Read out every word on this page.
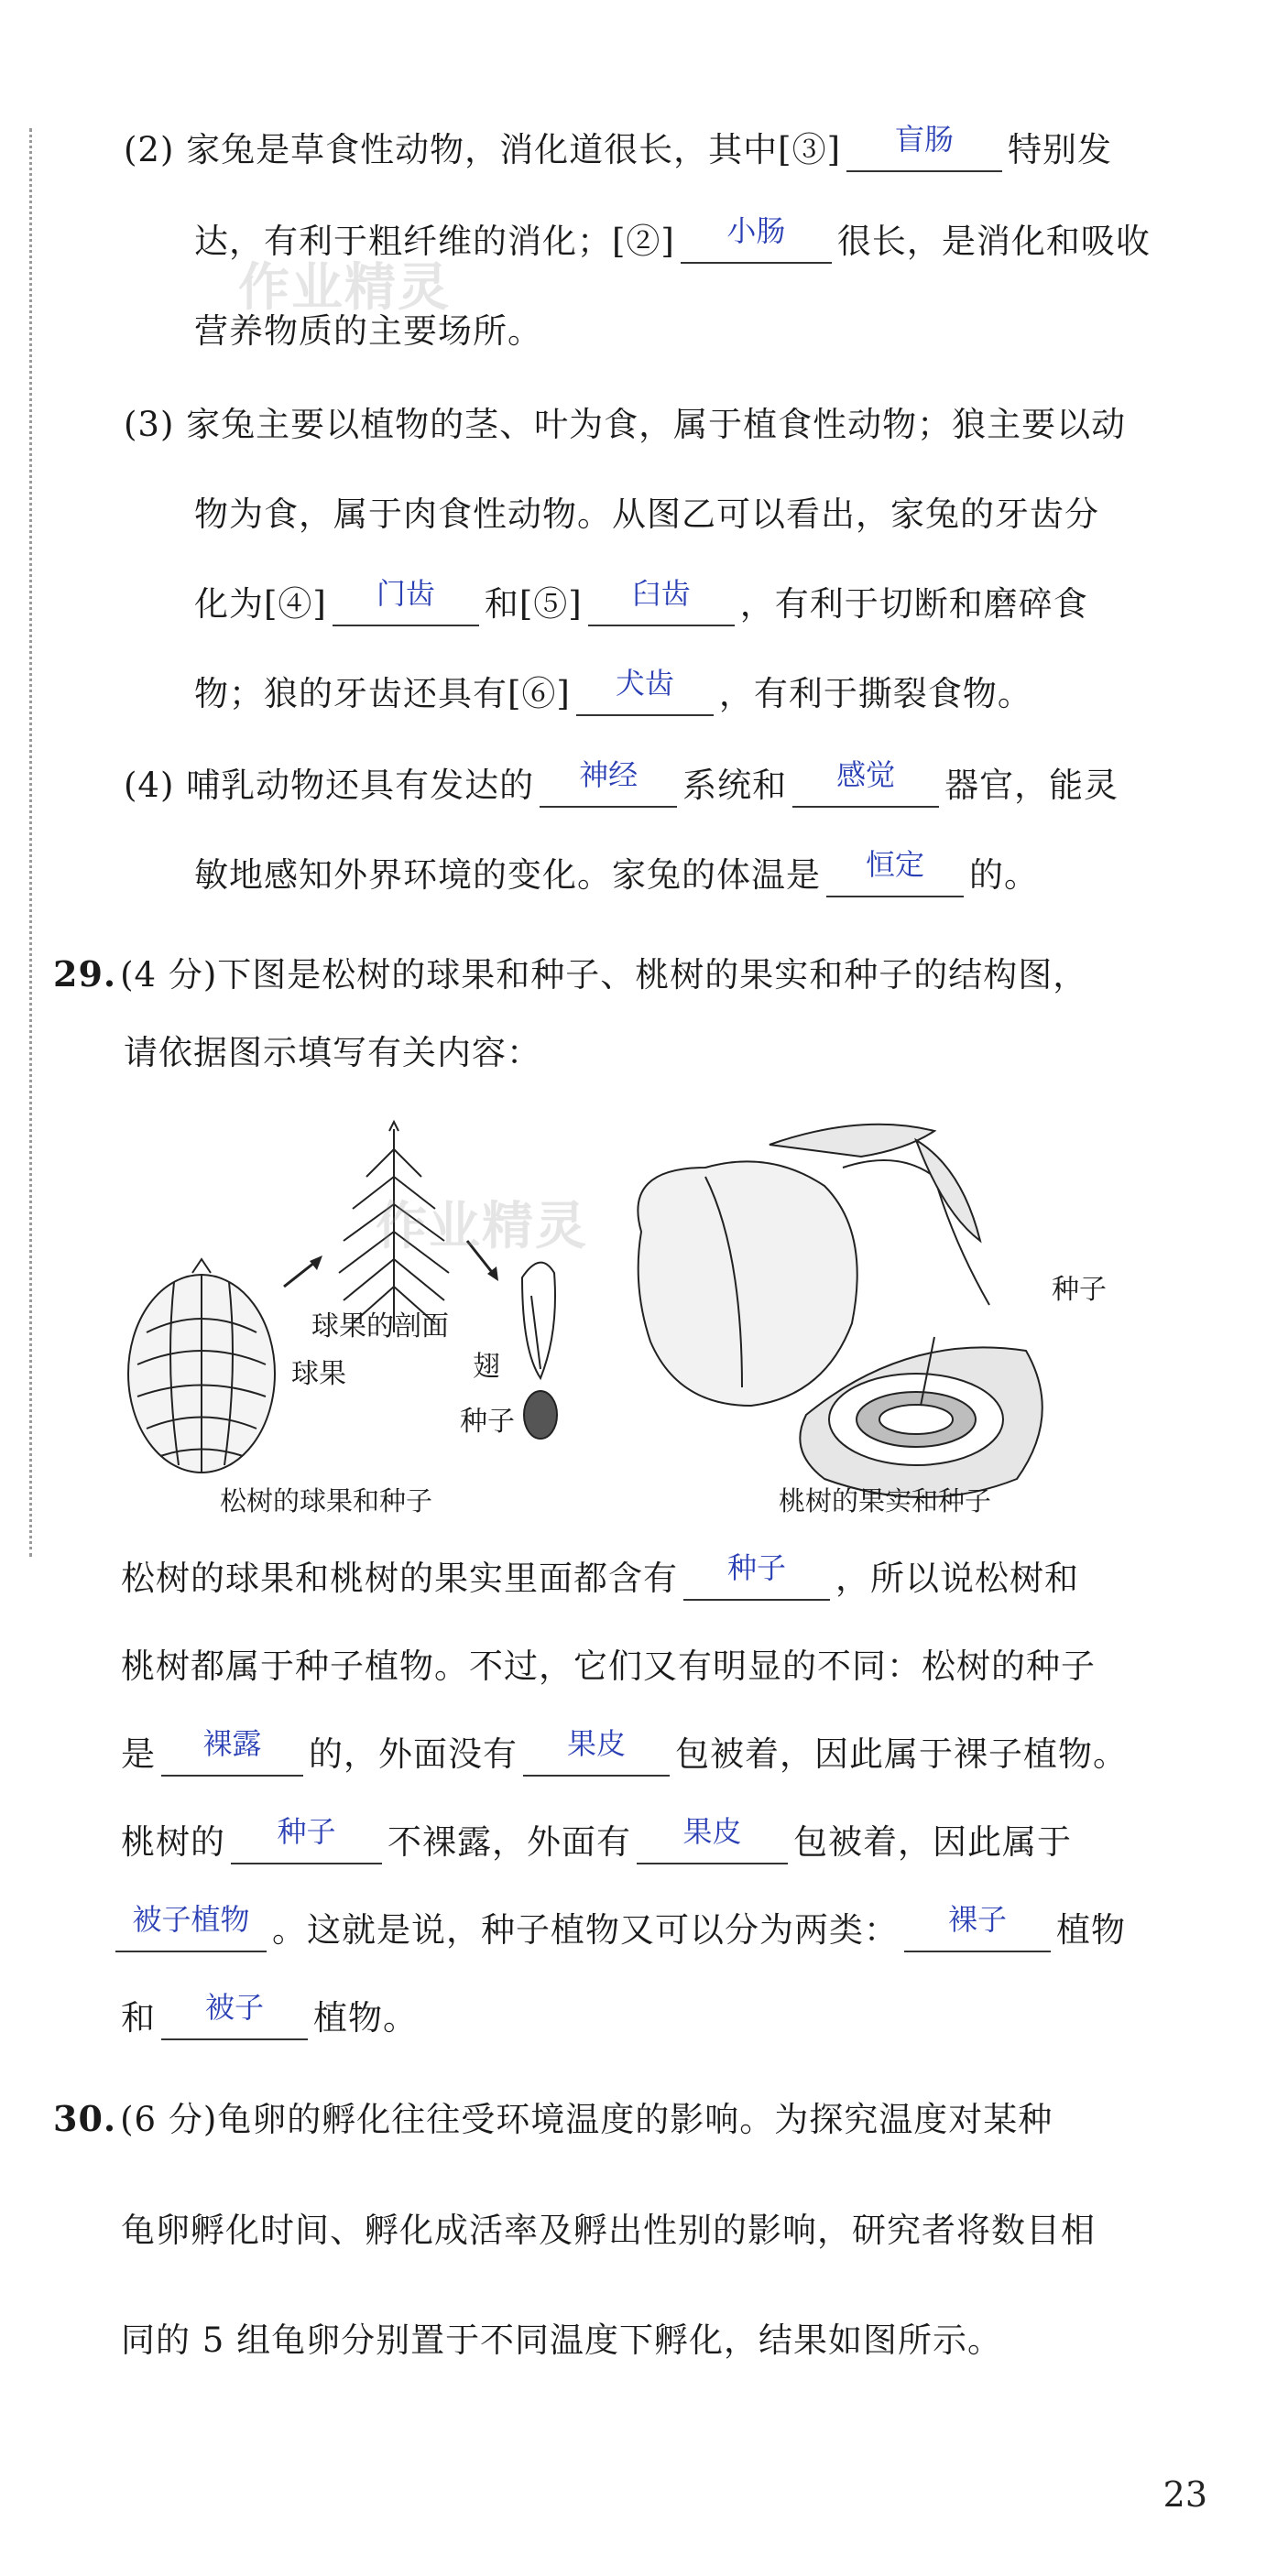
(2) 家兔是草食性动物，消化道很长，其中[③]	盲肠	特别发
达，有利于粗纤维的消化；[②]	小肠	很长，是消化和吸收
营养物质的主要场所。
(3) 家兔主要以植物的茎、叶为食，属于植食性动物；狼主要以动
物为食，属于肉食性动物。从图乙可以看出，家兔的牙齿分
化为[④]	门齿	和[⑤]	臼齿	，有利于切断和磨碎食
物；狼的牙齿还具有[⑥]	犬齿	，有利于撕裂食物。
(4) 哺乳动物还具有发达的	神经	系统和	感觉	器官，能灵
敏地感知外界环境的变化。家兔的体温是	恒定	的。
29. (4 分)下图是松树的球果和种子、桃树的果实和种子的结构图，
请依据图示填写有关内容：
球果的剖面
球果	翅
种子
种子
松树的球果和种子	桃树的果实和种子
松树的球果和桃树的果实里面都含有	种子	，所以说松树和
桃树都属于种子植物。不过，它们又有明显的不同：松树的种子
是	裸露	的，外面没有	果皮	包被着，因此属于裸子植物。
桃树的	种子	不裸露，外面有	果皮	包被着，因此属于
被子植物 。这就是说，种子植物又可以分为两类：	裸子	植物
和	被子	植物。
30. (6 分)龟卵的孵化往往受环境温度的影响。为探究温度对某种
龟卵孵化时间、孵化成活率及孵出性别的影响，研究者将数目相
同的 5 组龟卵分别置于不同温度下孵化，结果如图所示。
作业精灵
作业精灵
23
